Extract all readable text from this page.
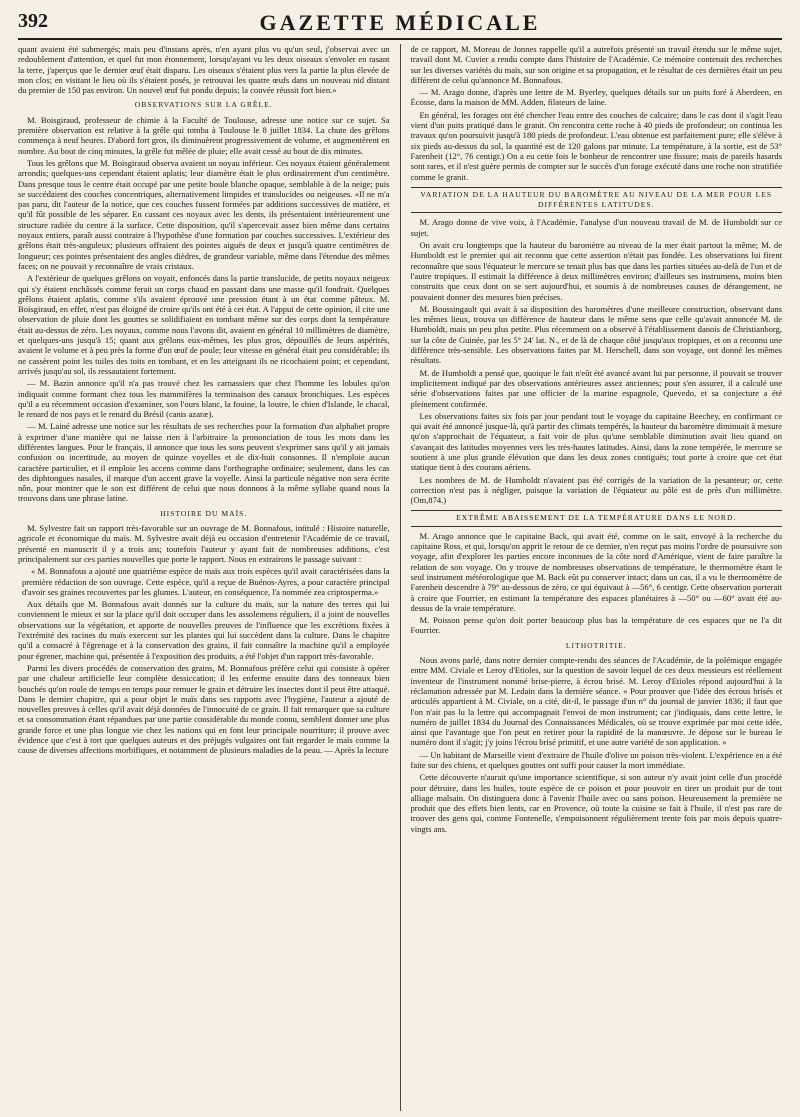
392	GAZETTE MÉDICALE

quant avaient été submergés; mais peu d'instans après, n'en ayant plus vu qu'un seul, j'observai avec un redoublement d'attention, et quel fut mon étonnement, lorsqu'ayant vu les deux oiseaux s'envoler en rasant la terre, j'aperçus que le dernier œuf était disparu. Les oiseaux s'étaient plus vers la partie la plus élevée de mon clos; en visitant le lieu où ils s'étaient posés, je retrouvai les quatre œufs dans un nouveau nid distant du premier de 150 pas environ. Un nouvel œuf fut pondu depuis; la couvée réussit fort bien.»

OBSERVATIONS SUR LA GRÊLE.

M. Boisgiraud, professeur de chimie à la Faculté de Toulouse, adresse une notice sur ce sujet. Sa première observation est relative à la grêle qui tomba à Toulouse le 8 juillet 1834. La chute des grêlons commença à neuf heures. D'abord fort gros, ils diminuèrent progressivement de volume, et augmentèrent en nombre. Au bout de cinq minutes, la grêle fut mêlée de pluie; elle avait cessé au bout de dix minutes.

Tous les grêlons que M. Boisgiraud observa avaient un noyau inférieur. Ces noyaux étaient généralement arrondis; quelques-uns cependant étaient aplatis; leur diamètre était le plus ordinairement d'un centimètre. Dans presque tous le centre était occupé par une petite boule blanche opaque, semblable à de la neige; puis se succédaient des couches concentriques, alternativement limpides et translucides ou neigeuses. «Il ne m'a pas paru, dit l'auteur de la notice, que ces couches fussent formées par additions successives de matière, et qu'il fût possible de les séparer. En cassant ces noyaux avec les dents, ils présentaient intérieurement une structure radiée du centre à la surface. Cette disposition, qu'il s'apercevait assez bien même dans certains noyaux entiers, paraît aussi contraire à l'hypothèse d'une formation par couches successives. L'extérieur des grêlons était très-anguleux; plusieurs offraient des pointes aiguës de deux et jusqu'à quatre centimètres de longueur; ces pointes présentaient des angles dièdres, de grandeur variable, même dans l'étendue des mêmes faces; on ne pouvait y reconnaître de vrais cristaux.

A l'extérieur de quelques grêlons on voyait, enfoncés dans la partie translucide, de petits noyaux neigeux qui s'y étaient enchâssés comme ferait un corps chaud en passant dans une masse qu'il fondrait. Quelques grêlons étaient aplatis, comme s'ils avaient éprouvé une pression étant à un état comme pâteux. M. Boisgiraud, en effet, n'est pas éloigné de croire qu'ils ont été à cet état. A l'appui de cette opinion, il cite une observation de pluie dont les gouttes se solidifiaient en tombant même sur des corps dont la température était au-dessus de zéro. Les noyaux, comme nous l'avons dit, avaient en général 10 millimètres de diamètre, et quelques-uns jusqu'à 15; quant aux grêlons eux-mêmes, les plus gros, dépouillés de leurs aspérités, avaient le volume et à peu près la forme d'un œuf de poule; leur vitesse en général était peu considérable; ils ne cassèrent point les tuiles des toits en tombant, et en les atteignant ils ne ricochaient point; et cependant, arrivés jusqu'au sol, ils ressautaient fortement.

— M. Bazin annonce qu'il n'a pas trouvé chez les carnassiers que chez l'homme les lobules qu'on indiquait comme formant chez tous les mammifères la terminaison des canaux bronchiques. Les espèces qu'il a eu récemment occasion d'examiner, son l'ours blanc, la fouine, la loutre, le chien d'Islande, le chacal, le renard de nos pays et le renard du Brésil (canis azaræ).

— M. Lainé adresse une notice sur les résultats de ses recherches pour la formation d'un alphabet propre à exprimer d'une manière qui ne laisse rien à l'arbitraire la prononciation de tous les mots dans les différentes langues. Pour le français, il annonce que tous les sons peuvent s'exprimer sans qu'il y ait jamais confusion ou incertitude, au moyen de quinze voyelles et de dix-huit consonnes. Il n'emploie aucun caractère particulier, et il emploie les accens comme dans l'orthographe ordinaire; seulement, dans les cas des diphtongues nasales, il marque d'un accent grave la voyelle. Ainsi la particule négative non sera écrite nôn, pour montrer que le son est différent de celui que nous donnons à la même syllabe quand nous la trouvons dans une phrase latine.

HISTOIRE DU MAÏS.

M. Sylvestre fait un rapport très-favorable sur un ouvrage de M. Bonnafous, intitulé : Histoire naturelle, agricole et économique du maïs. M. Sylvestre avait déjà eu occasion d'entretenir l'Académie de ce travail, présenté en manuscrit il y a trois ans; toutefois l'auteur y ayant fait de nombreuses additions, c'est principalement sur ces parties nouvelles que porte le rapport. Nous en extrairons le passage suivant :

« M. Bonnafous a ajouté une quatrième espèce de maïs aux trois espèces qu'il avait caractérisées dans la première rédaction de son ouvrage. Cette espèce, qu'il a reçue de Buénos-Ayres, a pour caractère principal d'avoir ses graines recouvertes par les glumes. L'auteur, en conséquence, l'a nommée zea criptosperma.»

Aux détails que M. Bonnafous avait donnés sur la culture du maïs, sur la nature des terres qui lui conviennent le mieux et sur la place qu'il doit occuper dans les assolemens réguliers, il a joint de nouvelles observations sur la végétation, et apporte de nouvelles preuves de l'influence que les excrétions fixées à l'extrémité des racines du maïs exercent sur les plantes qui lui succèdent dans la culture. Dans le chapitre qu'il a consacré à l'égrenage et à la conservation des grains, il fait connaître la machine qu'il a employée pour égrener, machine qui, présentée à l'exposition des produits, a été l'objet d'un rapport très-favorable.

Parmi les divers procédés de conservation des grains, M. Bonnafous préfère celui qui consiste à opérer par une chaleur artificielle leur complète dessiccation; il les enferme ensuite dans des tonneaux bien bouchés qu'on roule de temps en temps pour remuer le grain et détruire les insectes dont il peut être attaqué. Dans le dernier chapitre, qui a pour objet le maïs dans ses rapports avec l'hygiène, l'auteur a ajouté de nouvelles preuves à celles qu'il avait déjà données de l'innocuité de ce grain. Il fait remarquer que sa culture et sa consommation étant répandues par une partie considérable du monde connu, semblent donner une plus grande force et une plus longue vie chez les nations qui en font leur principale nourriture; il prouve avec évidence que c'est à tort que quelques auteurs et des préjugés vulgaires ont fait regarder le maïs comme la cause de diverses affections morbifiques, et notamment de plusieurs maladies de la peau. — Après la lecture

de ce rapport, M. Moreau de Jonnes rappelle qu'il a autrefois présenté un travail étendu sur le même sujet, travail dont M. Cuvier a rendu compte dans l'histoire de l'Académie. Ce mémoire contenait des recherches sur les diverses variétés du maïs, sur son origine et sa propagation, et le résultat de ces dernières était un peu différent de celui qu'annonce M. Bonnafous.

— M. Arago donne, d'après une lettre de M. Byerley, quelques détails sur un puits foré à Aberdeen, en Écosse, dans la maison de MM. Adden, filateurs de laine.

En général, les forages ont été chercher l'eau entre des couches de calcaire; dans le cas dont il s'agit l'eau vient d'un puits pratiqué dans le granit. On rencontra cette roche à 40 pieds de profondeur; on continua les travaux qu'on poursuivit jusqu'à 180 pieds de profondeur. L'eau obtenue est parfaitement pure; elle s'élève à six pieds au-dessus du sol, la quantité est de 120 galons par minute. La température, à la sortie, est de 53° Farenheit (12°, 76 centigr.) On a eu cette fois le bonheur de rencontrer une fissure; mais de pareils hasards sont rares, et il n'est guère permis de compter sur le succès d'un forage exécuté dans une roche non stratifiée comme le granit.

VARIATION DE LA HAUTEUR DU BAROMÈTRE AU NIVEAU DE LA MER POUR LES DIFFÉRENTES LATITUDES.

M. Arago donne de vive voix, à l'Académie, l'analyse d'un nouveau travail de M. de Humboldt sur ce sujet.

On avait cru longtemps que la hauteur du baromètre au niveau de la mer était partout la même; M. de Humboldt est le premier qui ait reconnu que cette assertion n'était pas fondée. Les observations lui firent reconnaître que sous l'équateur le mercure se tenait plus bas que dans les parties situées au-delà de l'un et de l'autre tropiques. Il estimait la différence à deux millimètres environ; d'ailleurs ses instrumens, moins bien construits que ceux dont on se sert aujourd'hui, et soumis à de nombreuses causes de dérangement, ne pouvaient donner des mesures bien précises.

M. Boussingault qui avait à sa disposition des baromètres d'une meilleure construction, observant dans les mêmes lieux, trouva un différence de hauteur dans le même sens que celle qu'avait annoncée M. de Humboldt, mais un peu plus petite. Plus récemment on a observé à l'établissement danois de Christianborg, sur la côte de Guinée, par les 5° 24' lat. N., et de là de chaque côté jusqu'aux tropiques, et on a reconnu une différence très-sensible. Les observations faites par M. Herschell, dans son voyage, ont donné les mêmes résultats.

M. de Humboldt a pensé que, quoique le fait n'eût été avancé avant lui par personne, il pouvait se trouver implicitement indiqué par des observations antérieures assez anciennes; pour s'en assurer, il a calculé une série d'observations faites par une officier de la marine espagnole, Quevedo, et sa conjecture a été pleinement confirmée.

Les observations faites six fois par jour pendant tout le voyage du capitaine Beechey, en confirmant ce qui avait été annoncé jusque-là, qu'à partir des climats tempérés, la hauteur du baromètre diminuait à mesure qu'on s'approchait de l'équateur, a fait voir de plus qu'une semblable diminution avait lieu quand on s'avançait des latitudes moyennes vers les très-hautes latitudes. Ainsi, dans la zone tempérée, le mercure se soutient à une plus grande élévation que dans les deux zones contiguës; tout porte à croire que cet état statique tient à des courans aériens.

Les nombres de M. de Humboldt n'avaient pas été corrigés de la variation de la pesanteur; or, cette correction n'est pas à négliger, puisque la variation de l'équateur au pôle est de près d'un millimètre. (Om,874.)

EXTRÊME ABAISSEMENT DE LA TEMPÉRATURE DANS LE NORD.

M. Arago annonce que le capitaine Back, qui avait été, comme on le sait, envoyé à la recherche du capitaine Ross, et qui, lorsqu'on apprit le retour de ce dernier, n'en reçut pas moins l'ordre de poursuivre son voyage, afin d'explorer les parties encore inconnues de la côte nord d'Amérique, vient de faire paraître la relation de son voyage. On y trouve de nombreuses observations de température, le thermomètre étant le seul instrument météorologique que M. Back eût pu conserver intact; dans un cas, il a vu le thermomètre de Farenheit descendre à 79° au-dessous de zéro, ce qui équivaut à —56°, 6 centigr. Cette observation porterait à croire que Fourrier, en estimant la température des espaces planétaires à —50° ou —60° avait été au-dessus de la vraie température.

M. Poisson pense qu'on doit porter beaucoup plus bas la température de ces espaces que ne l'a dit Fourrier.

LITHOTRITIE.

Nous avons parlé, dans notre dernier compte-rendu des séances de l'Académie, de la polémique engagée entre MM. Civiale et Leroy d'Etioles, sur la question de savoir lequel de ces deux messieurs est réellement inventeur de l'instrument nommé brise-pierre, à écrou brisé. M. Leroy d'Etioles répond aujourd'hui à la réclamation adressée par M. Ledain dans la dernière séance. « Pour prouver que l'idée des écrous brisés et articulés appartient à M. Civiale, on a cité, dit-il, le passage d'un n° du journal de janvier 1836; il faut que l'on n'ait pas lu la lettre qui accompagnait l'envoi de mon instrument; car j'indiquais, dans cette lettre, le numéro de juillet 1834 du Journal des Connaissances Médicales, où se trouve exprimée par moi cette idée, ainsi que l'avantage que l'on peut en retirer pour la rapidité de la manœuvre. Je dépose sur le bureau le numéro dont il s'agit; j'y joins l'écrou brisé primitif, et une autre variété de son application. »

— Un habitant de Marseille vient d'extraire de l'huile d'olive un poison très-violent. L'expérience en a été faite sur des chiens, et quelques gouttes ont suffi pour causer la mort immédiate.

Cette découverte n'aurait qu'une importance scientifique, si son auteur n'y avait joint celle d'un procédé pour détruire, dans les huiles, toute espèce de ce poison et pour pouvoir en tirer un produit pur de tout alliage malsain. On distinguera donc à l'avenir l'huile avec ou sans poison. Heureusement la première ne produit que des effets bien lents, car en Provence, où toute la cuisine se fait à l'huile, il n'est pas rare de trouver des gens qui, comme Fontenelle, s'empoisonnent régulièrement trente fois par mois depuis quatre-vingts ans.
